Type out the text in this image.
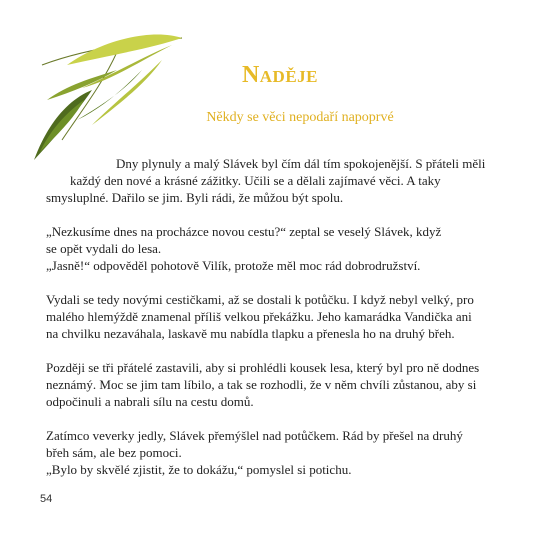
Naděje
Někdy se věci nepodaří napoprvé
Dny plynuly a malý Slávek byl čím dál tím spokojenější. S přáteli měli
každý den nové a krásné zážitky. Učili se a dělali zajímavé věci. A taky
smysluplné. Dařilo se jim. Byli rádi, že můžou být spolu.
„Nezkusíme dnes na procházce novou cestu?“ zeptal se veselý Slávek, když
se opět vydali do lesa.
„Jasně!“ odpověděl pohotově Vilík, protože měl moc rád dobrodružství.
Vydali se tedy novými cestičkami, až se dostali k potůčku. I když nebyl velký, pro
malého hlemýždě znamenal příliš velkou překážku. Jeho kamarádka Vandička ani
na chvilku nezaváhala, laskavě mu nabídla tlapku a přenesla ho na druhý břeh.
Později se tři přátelé zastavili, aby si prohlédli kousek lesa, který byl pro ně dodnes
neznámý. Moc se jim tam líbilo, a tak se rozhodli, že v něm chvíli zůstanou, aby si
odpočinuli a nabrali sílu na cestu domů.
Zatímco veverky jedly, Slávek přemýšlel nad potůčkem. Rád by přešel na druhý
břeh sám, ale bez pomoci.
„Bylo by skvělé zjistit, že to dokážu,“ pomyslel si potichu.
54
